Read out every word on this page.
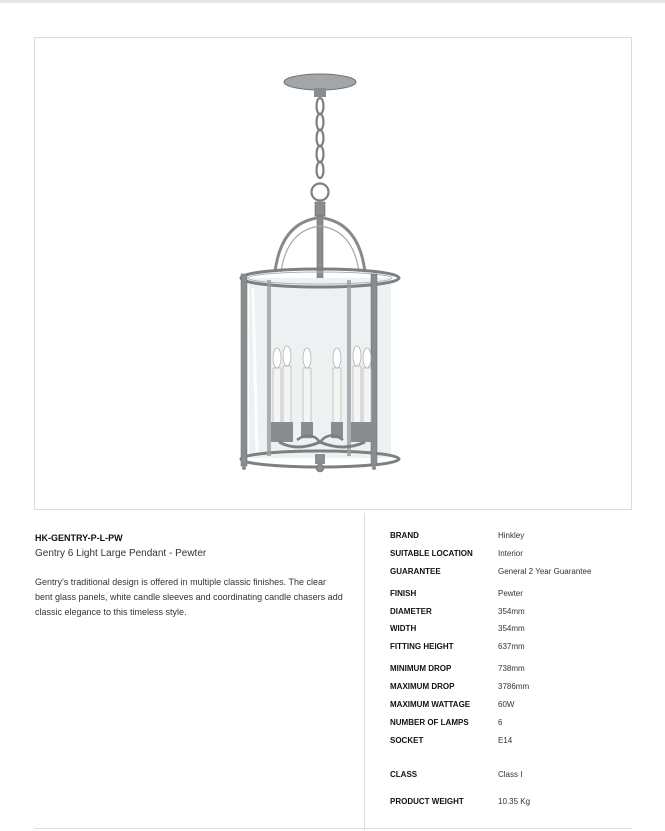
HK-GENTRY-P-L-PW
Gentry 6 Light Large Pendant - Pewter
Gentry's traditional design is offered in multiple classic finishes. The clear bent glass panels, white candle sleeves and coordinating candle chasers add classic elegance to this timeless style.
BRAND	Hinkley
SUITABLE LOCATION	Interior
GUARANTEE	General 2 Year Guarantee
FINISH	Pewter
DIAMETER	354mm
WIDTH	354mm
FITTING HEIGHT	637mm
MINIMUM DROP	738mm
MAXIMUM DROP	3786mm
MAXIMUM WATTAGE	60W
NUMBER OF LAMPS	6
SOCKET	E14
CLASS	Class I
PRODUCT WEIGHT	10.35 Kg
